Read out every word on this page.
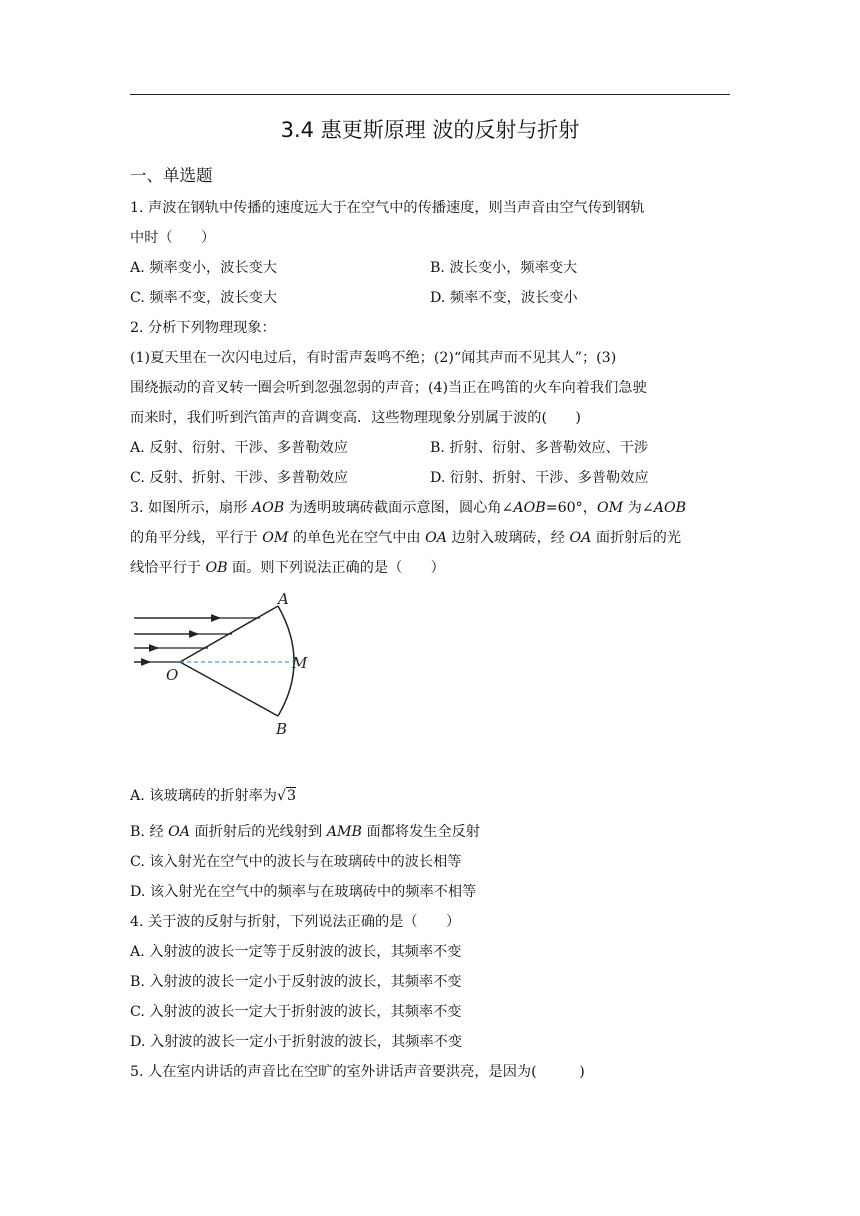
3.4 惠更斯原理 波的反射与折射
一、单选题
1. 声波在钢轨中传播的速度远大于在空气中的传播速度，则当声音由空气传到钢轨
中时（　　）
A. 频率变小，波长变大	B. 波长变小，频率变大
C. 频率不变，波长变大	D. 频率不变，波长变小
2. 分析下列物理现象：
(1)夏天里在一次闪电过后，有时雷声轰鸣不绝；(2)“闻其声而不见其人”；(3)
围绕振动的音叉转一圈会听到忽强忽弱的声音；(4)当正在鸣笛的火车向着我们急驶
而来时，我们听到汽笛声的音调变高．这些物理现象分别属于波的(　　)
A. 反射、衍射、干涉、多普勒效应	B. 折射、衍射、多普勒效应、干涉
C. 反射、折射、干涉、多普勒效应	D. 衍射、折射、干涉、多普勒效应
3. 如图所示，扇形 AOB 为透明玻璃砖截面示意图，圆心角∠AOB=60°，OM 为∠AOB
的角平分线，平行于 OM 的单色光在空气中由 OA 边射入玻璃砖，经 OA 面折射后的光
线恰平行于 OB 面。则下列说法正确的是（　　）
A
B
O
M
A. 该玻璃砖的折射率为√3
B. 经 OA 面折射后的光线射到 AMB 面都将发生全反射
C. 该入射光在空气中的波长与在玻璃砖中的波长相等
D. 该入射光在空气中的频率与在玻璃砖中的频率不相等
4. 关于波的反射与折射，下列说法正确的是（　　）
A. 入射波的波长一定等于反射波的波长，其频率不变
B. 入射波的波长一定小于反射波的波长，其频率不变
C. 入射波的波长一定大于折射波的波长，其频率不变
D. 入射波的波长一定小于折射波的波长，其频率不变
5. 人在室内讲话的声音比在空旷的室外讲话声音要洪亮，是因为(　　　)
